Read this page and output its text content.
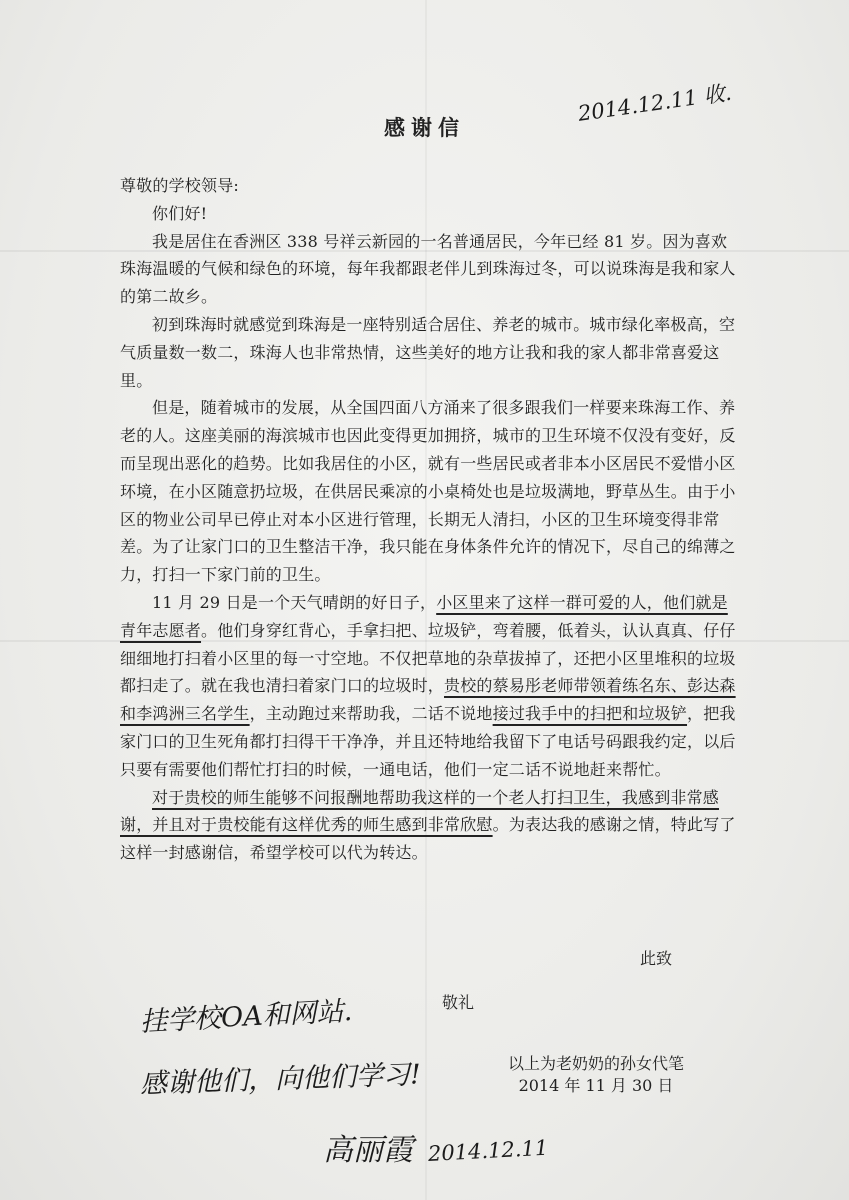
感谢信
2014.12.11 收.

尊敬的学校领导:

你们好!

我是居住在香洲区 338 号祥云新园的一名普通居民，今年已经 81 岁。因为喜欢珠海温暖的气候和绿色的环境，每年我都跟老伴儿到珠海过冬，可以说珠海是我和家人的第二故乡。

初到珠海时就感觉到珠海是一座特别适合居住、养老的城市。城市绿化率极高，空气质量数一数二，珠海人也非常热情，这些美好的地方让我和我的家人都非常喜爱这里。

但是，随着城市的发展，从全国四面八方涌来了很多跟我们一样要来珠海工作、养老的人。这座美丽的海滨城市也因此变得更加拥挤，城市的卫生环境不仅没有变好，反而呈现出恶化的趋势。比如我居住的小区，就有一些居民或者非本小区居民不爱惜小区环境，在小区随意扔垃圾，在供居民乘凉的小桌椅处也是垃圾满地，野草丛生。由于小区的物业公司早已停止对本小区进行管理，长期无人清扫，小区的卫生环境变得非常差。为了让家门口的卫生整洁干净，我只能在身体条件允许的情况下，尽自己的绵薄之力，打扫一下家门前的卫生。

11 月 29 日是一个天气晴朗的好日子，小区里来了这样一群可爱的人，他们就是青年志愿者。他们身穿红背心，手拿扫把、垃圾铲，弯着腰，低着头，认认真真、仔仔细细地打扫着小区里的每一寸空地。不仅把草地的杂草拔掉了，还把小区里堆积的垃圾都扫走了。就在我也清扫着家门口的垃圾时，贵校的蔡易彤老师带领着练名东、彭达森和李鸿洲三名学生，主动跑过来帮助我，二话不说地接过我手中的扫把和垃圾铲，把我家门口的卫生死角都打扫得干干净净，并且还特地给我留下了电话号码跟我约定，以后只要有需要他们帮忙打扫的时候，一通电话，他们一定二话不说地赶来帮忙。

对于贵校的师生能够不问报酬地帮助我这样的一个老人打扫卫生，我感到非常感谢，并且对于贵校能有这样优秀的师生感到非常欣慰。为表达我的感谢之情，特此写了这样一封感谢信，希望学校可以代为转达。

此致
敬礼
挂学校OA和网站.
感谢他们，向他们学习!	以上为老奶奶的孙女代笔
2014 年 11 月 30 日
高丽霞 2014.12.11
